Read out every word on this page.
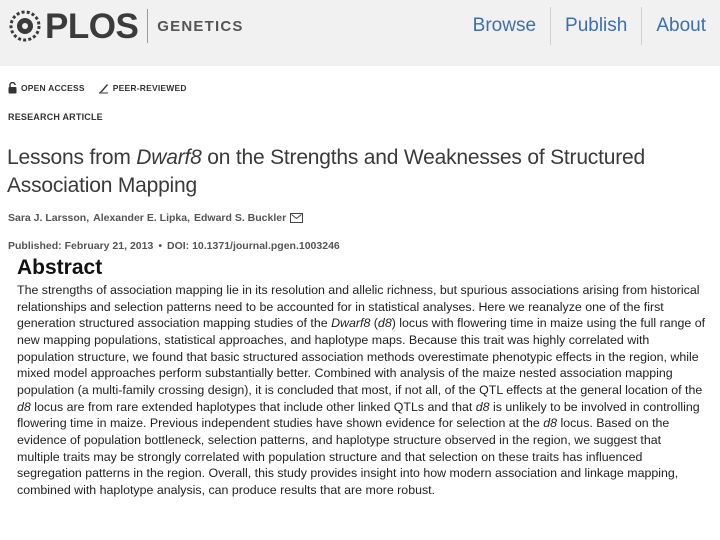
PLOS GENETICS	Browse	Publish	About
OPEN ACCESS	PEER-REVIEWED
RESEARCH ARTICLE
Lessons from Dwarf8 on the Strengths and Weaknesses of Structured Association Mapping
Sara J. Larsson, Alexander E. Lipka, Edward S. Buckler
Published: February 21, 2013 • DOI: 10.1371/journal.pgen.1003246
Abstract

The strengths of association mapping lie in its resolution and allelic richness, but spurious associations arising from historical relationships and selection patterns need to be accounted for in statistical analyses. Here we reanalyze one of the first generation structured association mapping studies of the Dwarf8 (d8) locus with flowering time in maize using the full range of new mapping populations, statistical approaches, and haplotype maps. Because this trait was highly correlated with population structure, we found that basic structured association methods overestimate phenotypic effects in the region, while mixed model approaches perform substantially better. Combined with analysis of the maize nested association mapping population (a multi-family crossing design), it is concluded that most, if not all, of the QTL effects at the general location of the d8 locus are from rare extended haplotypes that include other linked QTLs and that d8 is unlikely to be involved in controlling flowering time in maize. Previous independent studies have shown evidence for selection at the d8 locus. Based on the evidence of population bottleneck, selection patterns, and haplotype structure observed in the region, we suggest that multiple traits may be strongly correlated with population structure and that selection on these traits has influenced segregation patterns in the region. Overall, this study provides insight into how modern association and linkage mapping, combined with haplotype analysis, can produce results that are more robust.
